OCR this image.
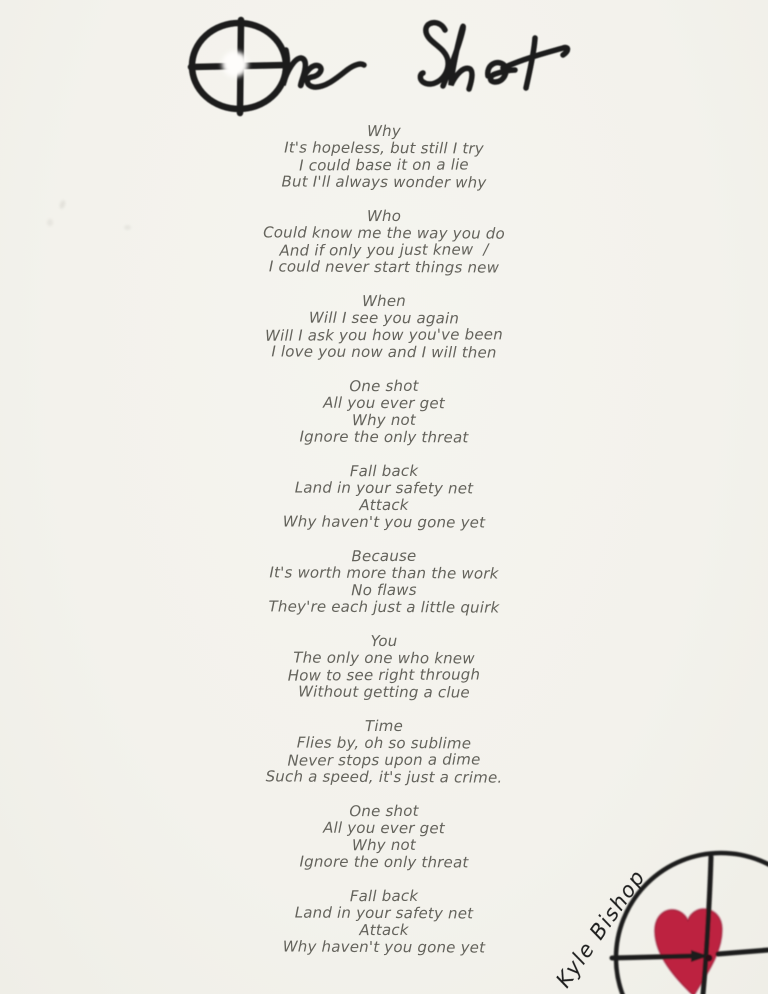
Why
It's hopeless, but still I try
I could base it on a lie
But I'll always wonder why
Who
Could know me the way you do
And if only you just knew  /
I could never start things new
When
Will I see you again
Will I ask you how you've been
I love you now and I will then
One shot
All you ever get
Why not
Ignore the only threat
Fall back
Land in your safety net
Attack
Why haven't you gone yet
Because
It's worth more than the work
No flaws
They're each just a little quirk
You
The only one who knew
How to see right through
Without getting a clue
Time
Flies by, oh so sublime
Never stops upon a dime
Such a speed, it's just a crime.
One shot
All you ever get
Why not
Ignore the only threat
Fall back
Land in your safety net
Attack
Why haven't you gone yet	Kyle Bishop
